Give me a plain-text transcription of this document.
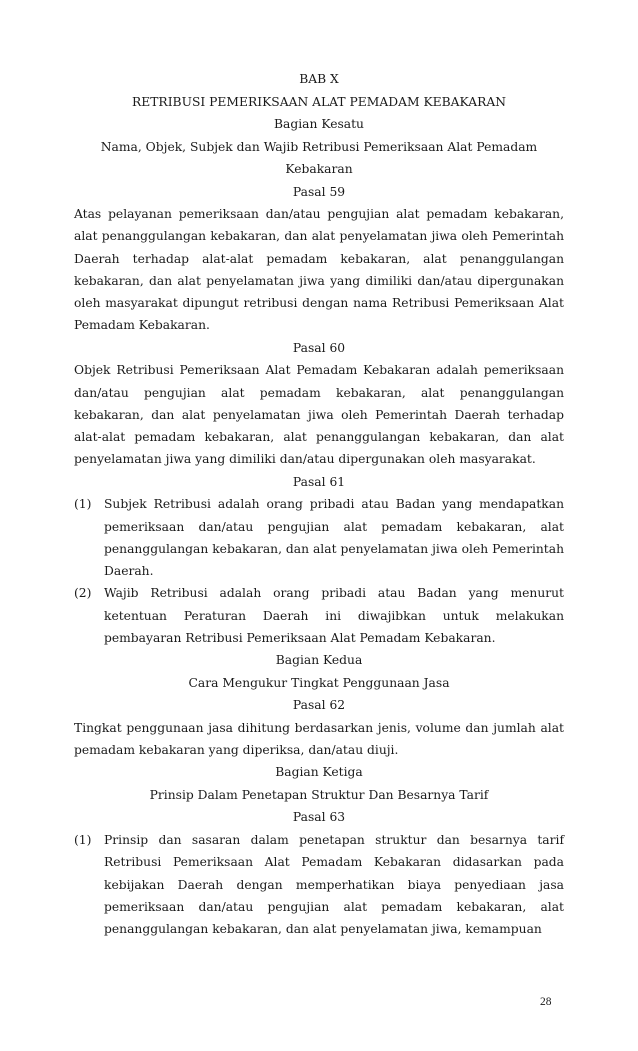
BAB X
RETRIBUSI PEMERIKSAAN ALAT PEMADAM KEBAKARAN
Bagian Kesatu
Nama, Objek, Subjek dan Wajib Retribusi Pemeriksaan Alat Pemadam
Kebakaran
Pasal 59

Atas pelayanan pemeriksaan dan/atau pengujian alat pemadam kebakaran, alat penanggulangan kebakaran, dan alat penyelamatan jiwa oleh Pemerintah Daerah terhadap alat-alat pemadam kebakaran, alat penanggulangan kebakaran, dan alat penyelamatan jiwa yang dimiliki dan/atau dipergunakan oleh masyarakat dipungut retribusi dengan nama Retribusi Pemeriksaan Alat Pemadam Kebakaran.

Pasal 60

Objek Retribusi Pemeriksaan Alat Pemadam Kebakaran adalah pemeriksaan dan/atau pengujian alat pemadam kebakaran, alat penanggulangan kebakaran, dan alat penyelamatan jiwa oleh Pemerintah Daerah terhadap alat-alat pemadam kebakaran, alat penanggulangan kebakaran, dan alat penyelamatan jiwa yang dimiliki dan/atau dipergunakan oleh masyarakat.

Pasal 61
(1)	Subjek Retribusi adalah orang pribadi atau Badan yang mendapatkan pemeriksaan dan/atau pengujian alat pemadam kebakaran, alat penanggulangan kebakaran, dan alat penyelamatan jiwa oleh Pemerintah Daerah.
(2)	Wajib Retribusi adalah orang pribadi atau Badan yang menurut ketentuan Peraturan Daerah ini diwajibkan untuk melakukan pembayaran Retribusi Pemeriksaan Alat Pemadam Kebakaran.
Bagian Kedua
Cara Mengukur Tingkat Penggunaan Jasa
Pasal 62

Tingkat penggunaan jasa dihitung berdasarkan jenis, volume dan jumlah alat pemadam kebakaran yang diperiksa, dan/atau diuji.

Bagian Ketiga
Prinsip Dalam Penetapan Struktur Dan Besarnya Tarif
Pasal 63
(1)	Prinsip dan sasaran dalam penetapan struktur dan besarnya tarif Retribusi Pemeriksaan Alat Pemadam Kebakaran didasarkan pada kebijakan Daerah dengan memperhatikan biaya penyediaan jasa pemeriksaan dan/atau pengujian alat pemadam kebakaran, alat penanggulangan kebakaran, dan alat penyelamatan jiwa, kemampuan
28
